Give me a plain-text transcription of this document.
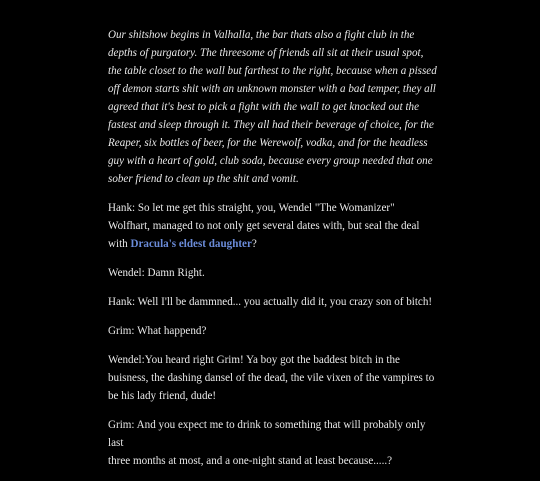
Our shitshow begins in Valhalla, the bar thats also a fight club in the depths of purgatory. The threesome of friends all sit at their usual spot, the table closet to the wall but farthest to the right, because when a pissed off demon starts shit with an unknown monster with a bad temper, they all agreed that it's best to pick a fight with the wall to get knocked out the fastest and sleep through it. They all had their beverage of choice, for the Reaper, six bottles of beer, for the Werewolf, vodka, and for the headless guy with a heart of gold, club soda, because every group needed that one sober friend to clean up the shit and vomit.

Hank: So let me get this straight, you, Wendel "The Womanizer" Wolfhart, managed to not only get several dates with, but seal the deal with Dracula's eldest daughter?

Wendel: Damn Right.

Hank: Well I'll be dammned... you actually did it, you crazy son of bitch!

Grim: What happend?

Wendel:You heard right Grim! Ya boy got the baddest bitch in the buisness, the dashing dansel of the dead, the vile vixen of the vampires to be his lady friend, dude!

Grim: And you expect me to drink to something that will probably only last
three months at most, and a one-night stand at least because.....?
